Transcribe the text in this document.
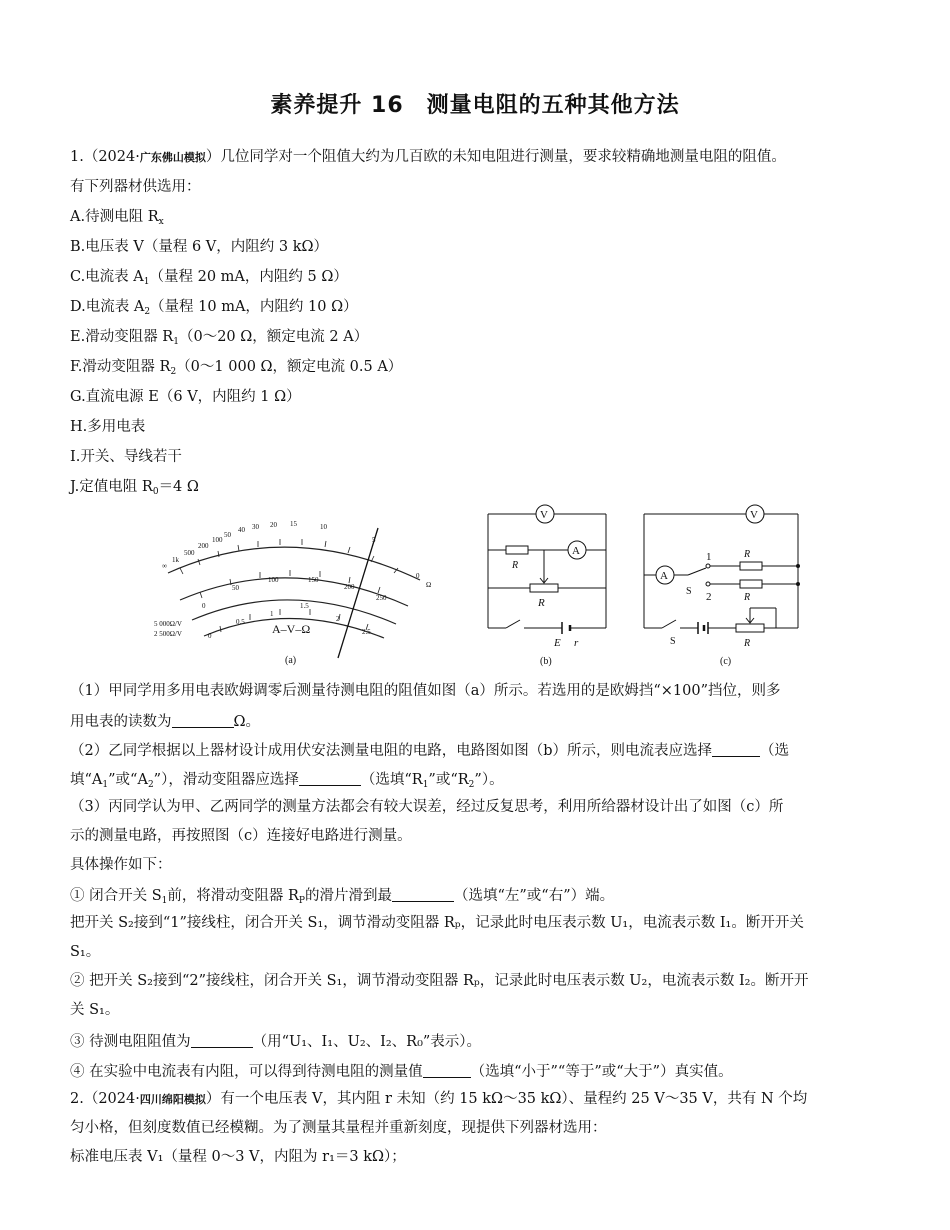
素养提升 16　测量电阻的五种其他方法
1.（2024·广东佛山模拟）几位同学对一个阻值大约为几百欧的未知电阻进行测量，要求较精确地测量电阻的阻值。
有下列器材供选用：
A.待测电阻 $R_x$
B.电压表 V（量程 6 V，内阻约 3 kΩ）
C.电流表 $A_1$（量程 20 mA，内阻约 5 Ω）
D.电流表 $A_2$（量程 10 mA，内阻约 10 Ω）
E.滑动变阻器 $R_1(0\sim 20$ Ω，额定电流 2 A）
F.滑动变阻器 $R_2(0\sim 1$ 000 Ω，额定电流 0.5 A）
G.直流电源 E（6 V，内阻约 1 Ω）
H.多用电表
I.开关、导线若干
J.定值电阻 $R_0=4$ Ω
∞
1k
500
200
100
50
40 30 20 15	10
5
0
Ω
0
50
100	150
200
250
0
0.5
1
1.5
2
2.5
A–V–Ω
5 000Ω/V
2 500Ω/V
(a)
V
A
R
R
E r
(b)
V
A
1
2
R
R
S
S	R
(c)
（1）甲同学用多用电表欧姆调零后测量待测电阻的阻值如图（a）所示。若选用的是欧姆挡“×100”挡位，则多
用电表的读数为	Ω。
（2）乙同学根据以上器材设计成用伏安法测量电阻的电路，电路图如图（b）所示，则电流表应选择	（选
填“$A_1$”或“$A_2$”），滑动变阻器应选择	（选填“$R_1$”或“$R_2$”）。
（3）丙同学认为甲、乙两同学的测量方法都会有较大误差，经过反复思考，利用所给器材设计出了如图（c）所
示的测量电路，再按照图（c）连接好电路进行测量。
具体操作如下：
① 闭合开关 $S_1$前，将滑动变阻器 $R_P$的滑片滑到最	（选填“左”或“右”）端。
把开关 S₂接到“1”接线柱，闭合开关 S₁，调节滑动变阻器 Rₚ，记录此时电压表示数 U₁，电流表示数 I₁。断开开关
S₁。
② 把开关 S₂接到“2”接线柱，闭合开关 S₁，调节滑动变阻器 Rₚ，记录此时电压表示数 U₂，电流表示数 I₂。断开开
关 S₁。
③ 待测电阻阻值为	（用“U₁、I₁、U₂、I₂、R₀”表示）。
④ 在实验中电流表有内阻，可以得到待测电阻的测量值	（选填“小于”“等于”或“大于”）真实值。
2.（2024·四川绵阳模拟）有一个电压表 V，其内阻 r 未知（约 15 kΩ～35 kΩ）、量程约 25 V～35 V，共有 N 个均
匀小格，但刻度数值已经模糊。为了测量其量程并重新刻度，现提供下列器材选用：
标准电压表 V₁（量程 0～3 V，内阻为 r₁＝3 kΩ）；
